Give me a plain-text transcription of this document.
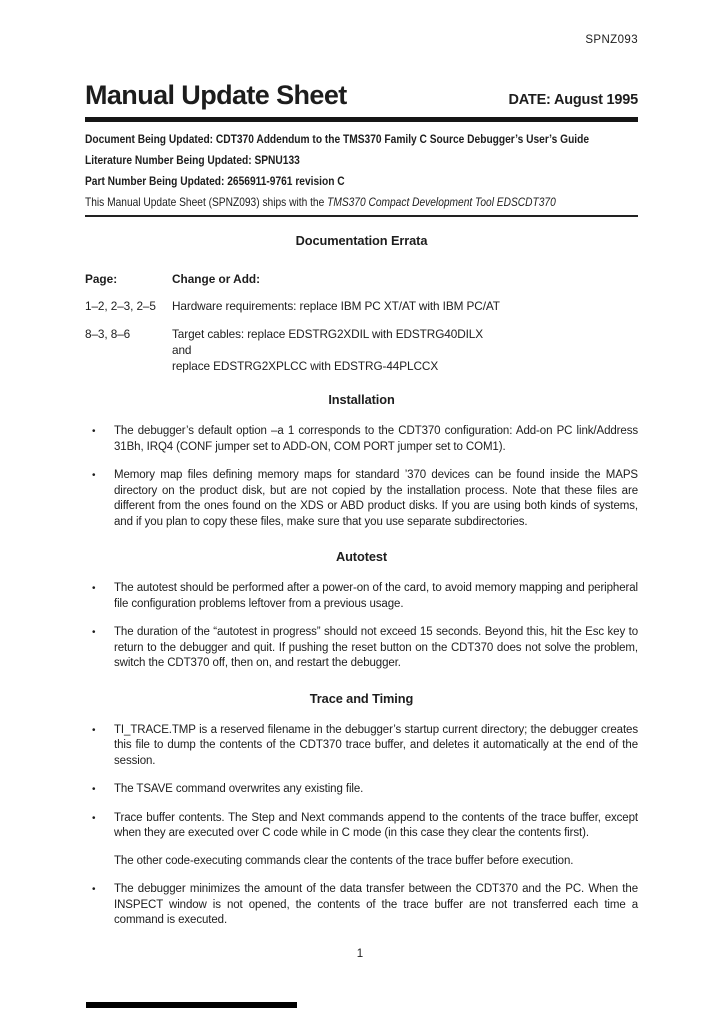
SPNZ093
Manual Update Sheet	DATE: August 1995
Document Being Updated: CDT370 Addendum to the TMS370 Family C Source Debugger’s User’s Guide
Literature Number Being Updated: SPNU133
Part Number Being Updated: 2656911-9761 revision C
This Manual Update Sheet (SPNZ093) ships with the TMS370 Compact Development Tool EDSCDT370
Documentation Errata
Page:	Change or Add:
1–2, 2–3, 2–5	Hardware requirements: replace IBM PC XT/AT with IBM PC/AT
8–3, 8–6	Target cables: replace EDSTRG2XDIL with EDSTRG40DILX
and
replace EDSTRG2XPLCC with EDSTRG-44PLCCX
Installation
•	The debugger’s default option –a 1 corresponds to the CDT370 configuration: Add-on PC link/Address 31Bh, IRQ4 (CONF jumper set to ADD-ON, COM PORT jumper set to COM1).

•	Memory map files defining memory maps for standard ’370 devices can be found inside the MAPS directory on the product disk, but are not copied by the installation process. Note that these files are different from the ones found on the XDS or ABD product disks. If you are using both kinds of systems, and if you plan to copy these files, make sure that you use separate subdirectories.

Autotest
•	The autotest should be performed after a power-on of the card, to avoid memory mapping and peripheral file configuration problems leftover from a previous usage.

•	The duration of the “autotest in progress” should not exceed 15 seconds. Beyond this, hit the Esc key to return to the debugger and quit. If pushing the reset button on the CDT370 does not solve the problem, switch the CDT370 off, then on, and restart the debugger.

Trace and Timing
•	TI_TRACE.TMP is a reserved filename in the debugger’s startup current directory; the debugger creates this file to dump the contents of the CDT370 trace buffer, and deletes it automatically at the end of the session.

•	The TSAVE command overwrites any existing file.

•	Trace buffer contents. The Step and Next commands append to the contents of the trace buffer, except when they are executed over C code while in C mode (in this case they clear the contents first).

The other code-executing commands clear the contents of the trace buffer before execution.

•	The debugger minimizes the amount of the data transfer between the CDT370 and the PC. When the INSPECT window is not opened, the contents of the trace buffer are not transferred each time a command is executed.

1
